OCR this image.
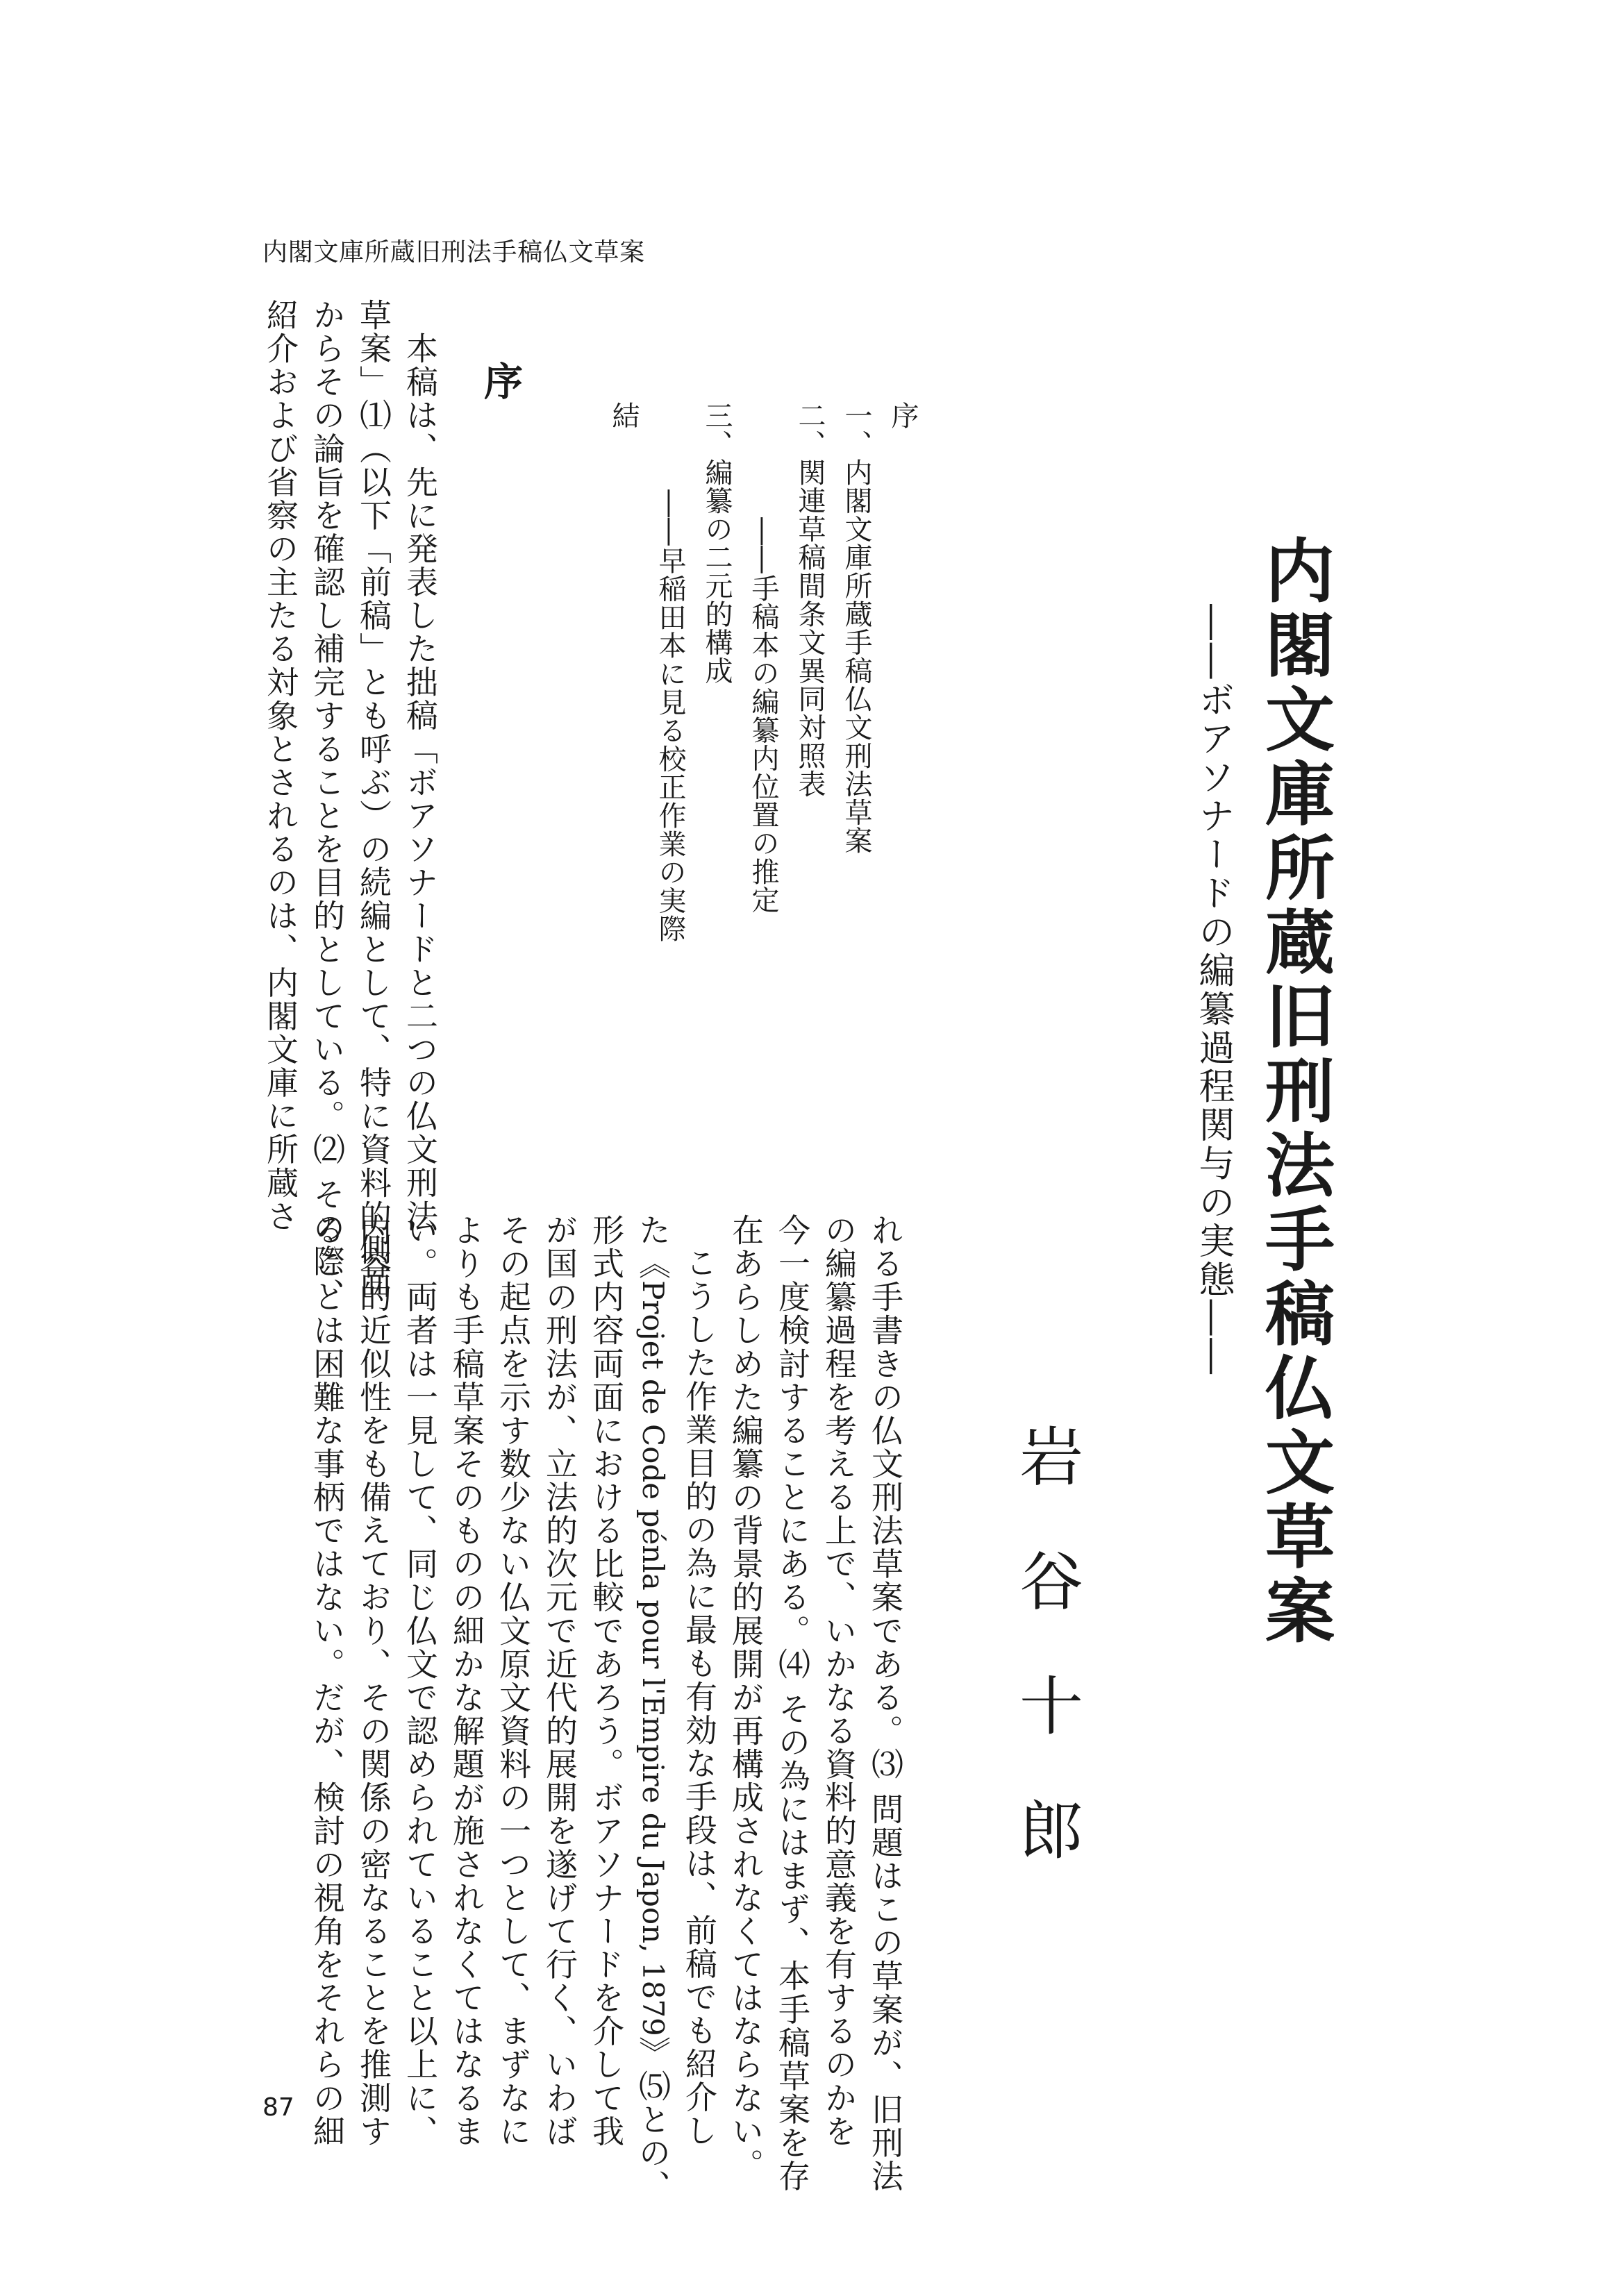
内閣文庫所蔵旧刑法手稿仏文草案

内閣文庫所蔵旧刑法手稿仏文草案

――ボアソナードの編纂過程関与の実態――

岩谷十郎

序

一、内閣文庫所蔵手稿仏文刑法草案

二、関連草稿間条文異同対照表

――手稿本の編纂内位置の推定

三、編纂の二元的構成

――早稲田本に見る校正作業の実際

結

れる手書きの仏文刑法草案である。⑶ 問題はこの草案が、旧刑法

の編纂過程を考える上で、いかなる資料的意義を有するのかを

今一度検討することにある。⑷ その為にはまず、本手稿草案を存

在あらしめた編纂の背景的展開が再構成されなくてはならない。

こうした作業目的の為に最も有効な手段は、前稿でも紹介し

た《Projet de Code pénla pour l'Empire du Japon, 1879》⑸との、

形式内容両面における比較であろう。ボアソナードを介して我

が国の刑法が、立法的次元で近代的展開を遂げて行く、いわば

その起点を示す数少ない仏文原文資料の一つとして、まずなに

よりも手稿草案そのものの細かな解題が施されなくてはなるま

い。両者は一見して、同じ仏文で認められていること以上に、

内容的近似性をも備えており、その関係の密なることを推測す

ることは困難な事柄ではない。だが、検討の視角をそれらの細

序

本稿は、先に発表した拙稿「ボアソナードと二つの仏文刑法

草案」⑴（以下「前稿」とも呼ぶ）の続編として、特に資料的側面

からその論旨を確認し補完することを目的としている。⑵ その際、

紹介および省察の主たる対象とされるのは、内閣文庫に所蔵さ

87
